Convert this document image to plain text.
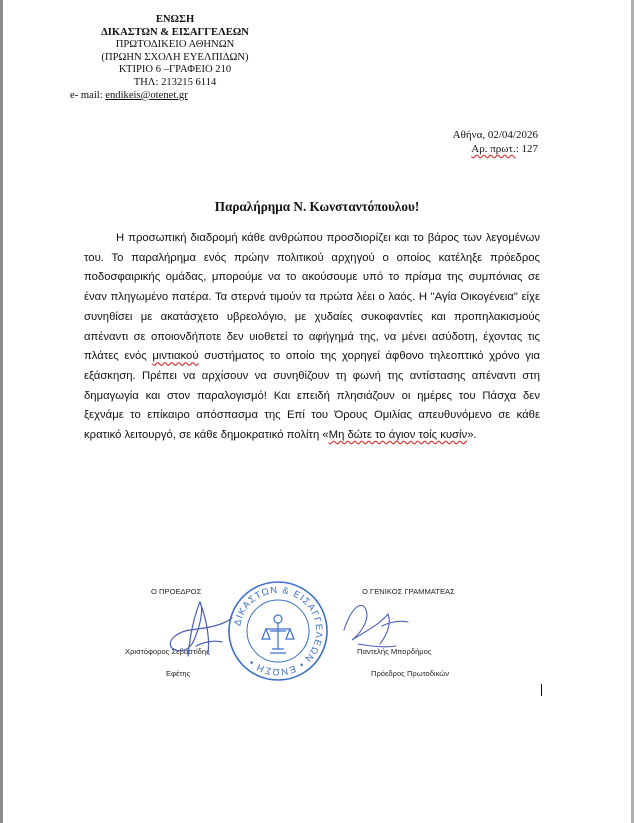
ΕΝΩΣΗ
ΔΙΚΑΣΤΩΝ & ΕΙΣΑΓΓΕΛΕΩΝ
ΠΡΩΤΟΔΙΚΕΙΟ ΑΘΗΝΩΝ
(ΠΡΩΗΝ ΣΧΟΛΗ ΕΥΕΛΠΙΔΩΝ)
ΚΤΙΡΙΟ 6 –ΓΡΑΦΕΙΟ 210
ΤΗΛ: 213215 6114
e- mail: endikeis@otenet.gr
Αθήνα, 02/04/2026
Αρ. πρωτ.: 127
Παραλήρημα Ν. Κωνσταντόπουλου!

Η προσωπική διαδρομή κάθε ανθρώπου προσδιορίζει και το βάρος των λεγομένων του. Το παραλήρημα ενός πρώην πολιτικού αρχηγού ο οποίος κατέληξε πρόεδρος ποδοσφαιρικής ομάδας, μπορούμε να το ακούσουμε υπό το πρίσμα της συμπόνιας σε έναν πληγωμένο πατέρα. Τα στερνά τιμούν τα πρώτα λέει ο λαός. Η "Αγία Οικογένεια" είχε συνηθίσει με ακατάσχετο υβρεολόγιο, με χυδαίες συκοφαντίες και προπηλακισμούς απέναντι σε οποιονδήποτε δεν υιοθετεί το αφήγημά της, να μένει ασύδοτη, έχοντας τις πλάτες ενός μιντιακού συστήματος το οποίο της χορηγεί άφθονο τηλεοπτικό χρόνο για εξάσκηση. Πρέπει να αρχίσουν να συνηθίζουν τη φωνή της αντίστασης απέναντι στη δημαγωγία και στον παραλογισμό! Και επειδή πλησιάζουν οι ημέρες του Πάσχα δεν ξεχνάμε το επίκαιρο απόσπασμα της Επί του Όρους Ομιλίας απευθυνόμενο σε κάθε κρατικό λειτουργό, σε κάθε δημοκρατικό πολίτη «Μη δώτε το άγιον τοίς κυσίν».

Ο ΠΡΟΕΔΡΟΣ
Χριστόφορος Σεβαστίδης
Εφέτης
Ο ΓΕΝΙΚΟΣ ΓΡΑΜΜΑΤΕΑΣ
Παντελής Μπορδήμος
Πρόεδρος Πρωτοδικών
ΔΙΚΑΣΤΩΝ & ΕΙΣΑΓΓΕΛΕΩΝ • ΕΝΩΣΗ •
